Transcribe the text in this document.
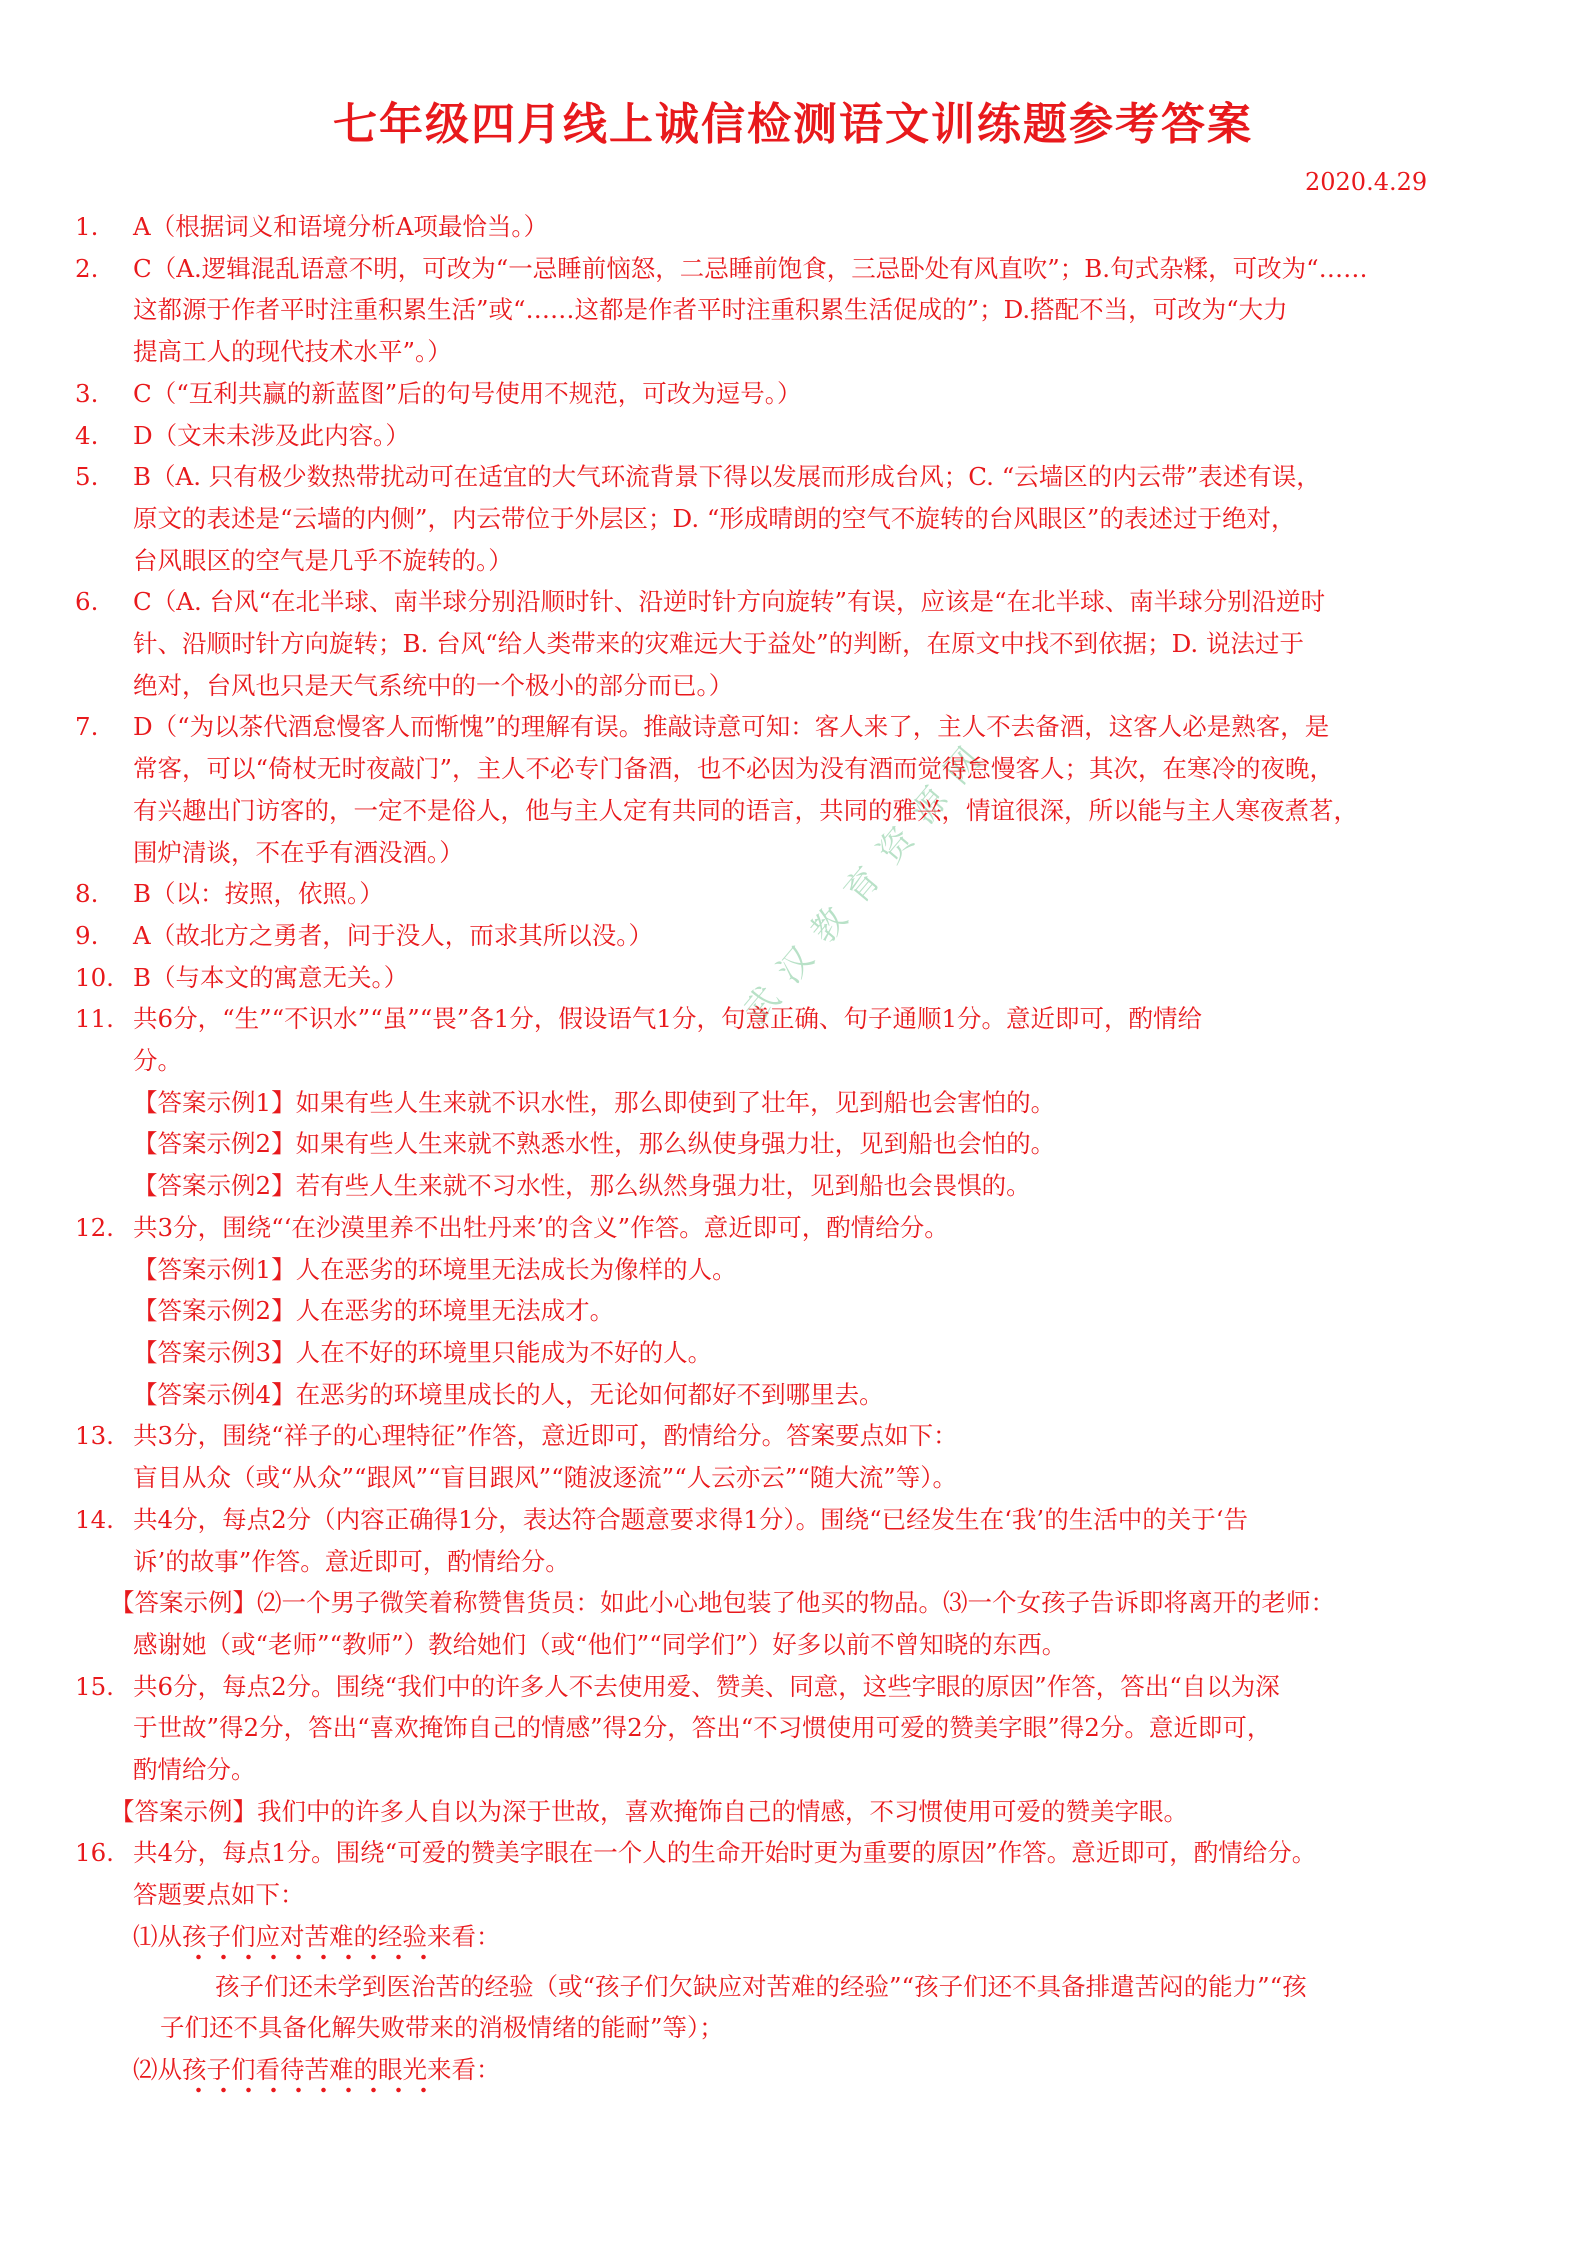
七年级四月线上诚信检测语文训练题参考答案
2020.4.29
武汉教育资源网
1. A（根据词义和语境分析A项最恰当。）
2. C（A.逻辑混乱语意不明，可改为“一忌睡前恼怒，二忌睡前饱食，三忌卧处有风直吹”；B.句式杂糅，可改为“……
这都源于作者平时注重积累生活”或“……这都是作者平时注重积累生活促成的”；D.搭配不当，可改为“大力
提高工人的现代技术水平”。）
3. C（“互利共赢的新蓝图”后的句号使用不规范，可改为逗号。）
4. D（文末未涉及此内容。）
5. B（A. 只有极少数热带扰动可在适宜的大气环流背景下得以发展而形成台风；C. “云墙区的内云带”表述有误，
原文的表述是“云墙的内侧”，内云带位于外层区；D. “形成晴朗的空气不旋转的台风眼区”的表述过于绝对，
台风眼区的空气是几乎不旋转的。）
6. C（A. 台风“在北半球、南半球分别沿顺时针、沿逆时针方向旋转”有误，应该是“在北半球、南半球分别沿逆时
针、沿顺时针方向旋转；B. 台风“给人类带来的灾难远大于益处”的判断，在原文中找不到依据；D. 说法过于
绝对，台风也只是天气系统中的一个极小的部分而已。）
7. D（“为以茶代酒怠慢客人而惭愧”的理解有误。推敲诗意可知：客人来了，主人不去备酒，这客人必是熟客，是
常客，可以“倚杖无时夜敲门”，主人不必专门备酒，也不必因为没有酒而觉得怠慢客人；其次，在寒冷的夜晚，
有兴趣出门访客的，一定不是俗人，他与主人定有共同的语言，共同的雅兴，情谊很深，所以能与主人寒夜煮茗，
围炉清谈，不在乎有酒没酒。）
8. B（以：按照，依照。）
9. A（故北方之勇者，问于没人，而求其所以没。）
10. B（与本文的寓意无关。）
11. 共6分，“生”“不识水”“虽”“畏”各1分，假设语气1分，句意正确、句子通顺1分。意近即可，酌情给
分。
【答案示例1】如果有些人生来就不识水性，那么即使到了壮年，见到船也会害怕的。
【答案示例2】如果有些人生来就不熟悉水性，那么纵使身强力壮，见到船也会怕的。
【答案示例2】若有些人生来就不习水性，那么纵然身强力壮，见到船也会畏惧的。
12. 共3分，围绕“‘在沙漠里养不出牡丹来’的含义”作答。意近即可，酌情给分。
【答案示例1】人在恶劣的环境里无法成长为像样的人。
【答案示例2】人在恶劣的环境里无法成才。
【答案示例3】人在不好的环境里只能成为不好的人。
【答案示例4】在恶劣的环境里成长的人，无论如何都好不到哪里去。
13. 共3分，围绕“祥子的心理特征”作答，意近即可，酌情给分。答案要点如下：
盲目从众（或“从众”“跟风”“盲目跟风”“随波逐流”“人云亦云”“随大流”等）。
14. 共4分，每点2分（内容正确得1分，表达符合题意要求得1分）。围绕“已经发生在‘我’的生活中的关于‘告
诉’的故事”作答。意近即可，酌情给分。
【答案示例】⑵一个男子微笑着称赞售货员：如此小心地包装了他买的物品。⑶一个女孩子告诉即将离开的老师：
感谢她（或“老师”“教师”）教给她们（或“他们”“同学们”）好多以前不曾知晓的东西。
15. 共6分，每点2分。围绕“我们中的许多人不去使用爱、赞美、同意，这些字眼的原因”作答，答出“自以为深
于世故”得2分，答出“喜欢掩饰自己的情感”得2分，答出“不习惯使用可爱的赞美字眼”得2分。意近即可，
酌情给分。
【答案示例】我们中的许多人自以为深于世故，喜欢掩饰自己的情感，不习惯使用可爱的赞美字眼。
16. 共4分，每点1分。围绕“可爱的赞美字眼在一个人的生命开始时更为重要的原因”作答。意近即可，酌情给分。
答题要点如下：
⑴从孩子们应对苦难的经验来看：
孩子们还未学到医治苦的经验（或“孩子们欠缺应对苦难的经验”“孩子们还不具备排遣苦闷的能力”“孩
子们还不具备化解失败带来的消极情绪的能耐”等）；
⑵从孩子们看待苦难的眼光来看：
